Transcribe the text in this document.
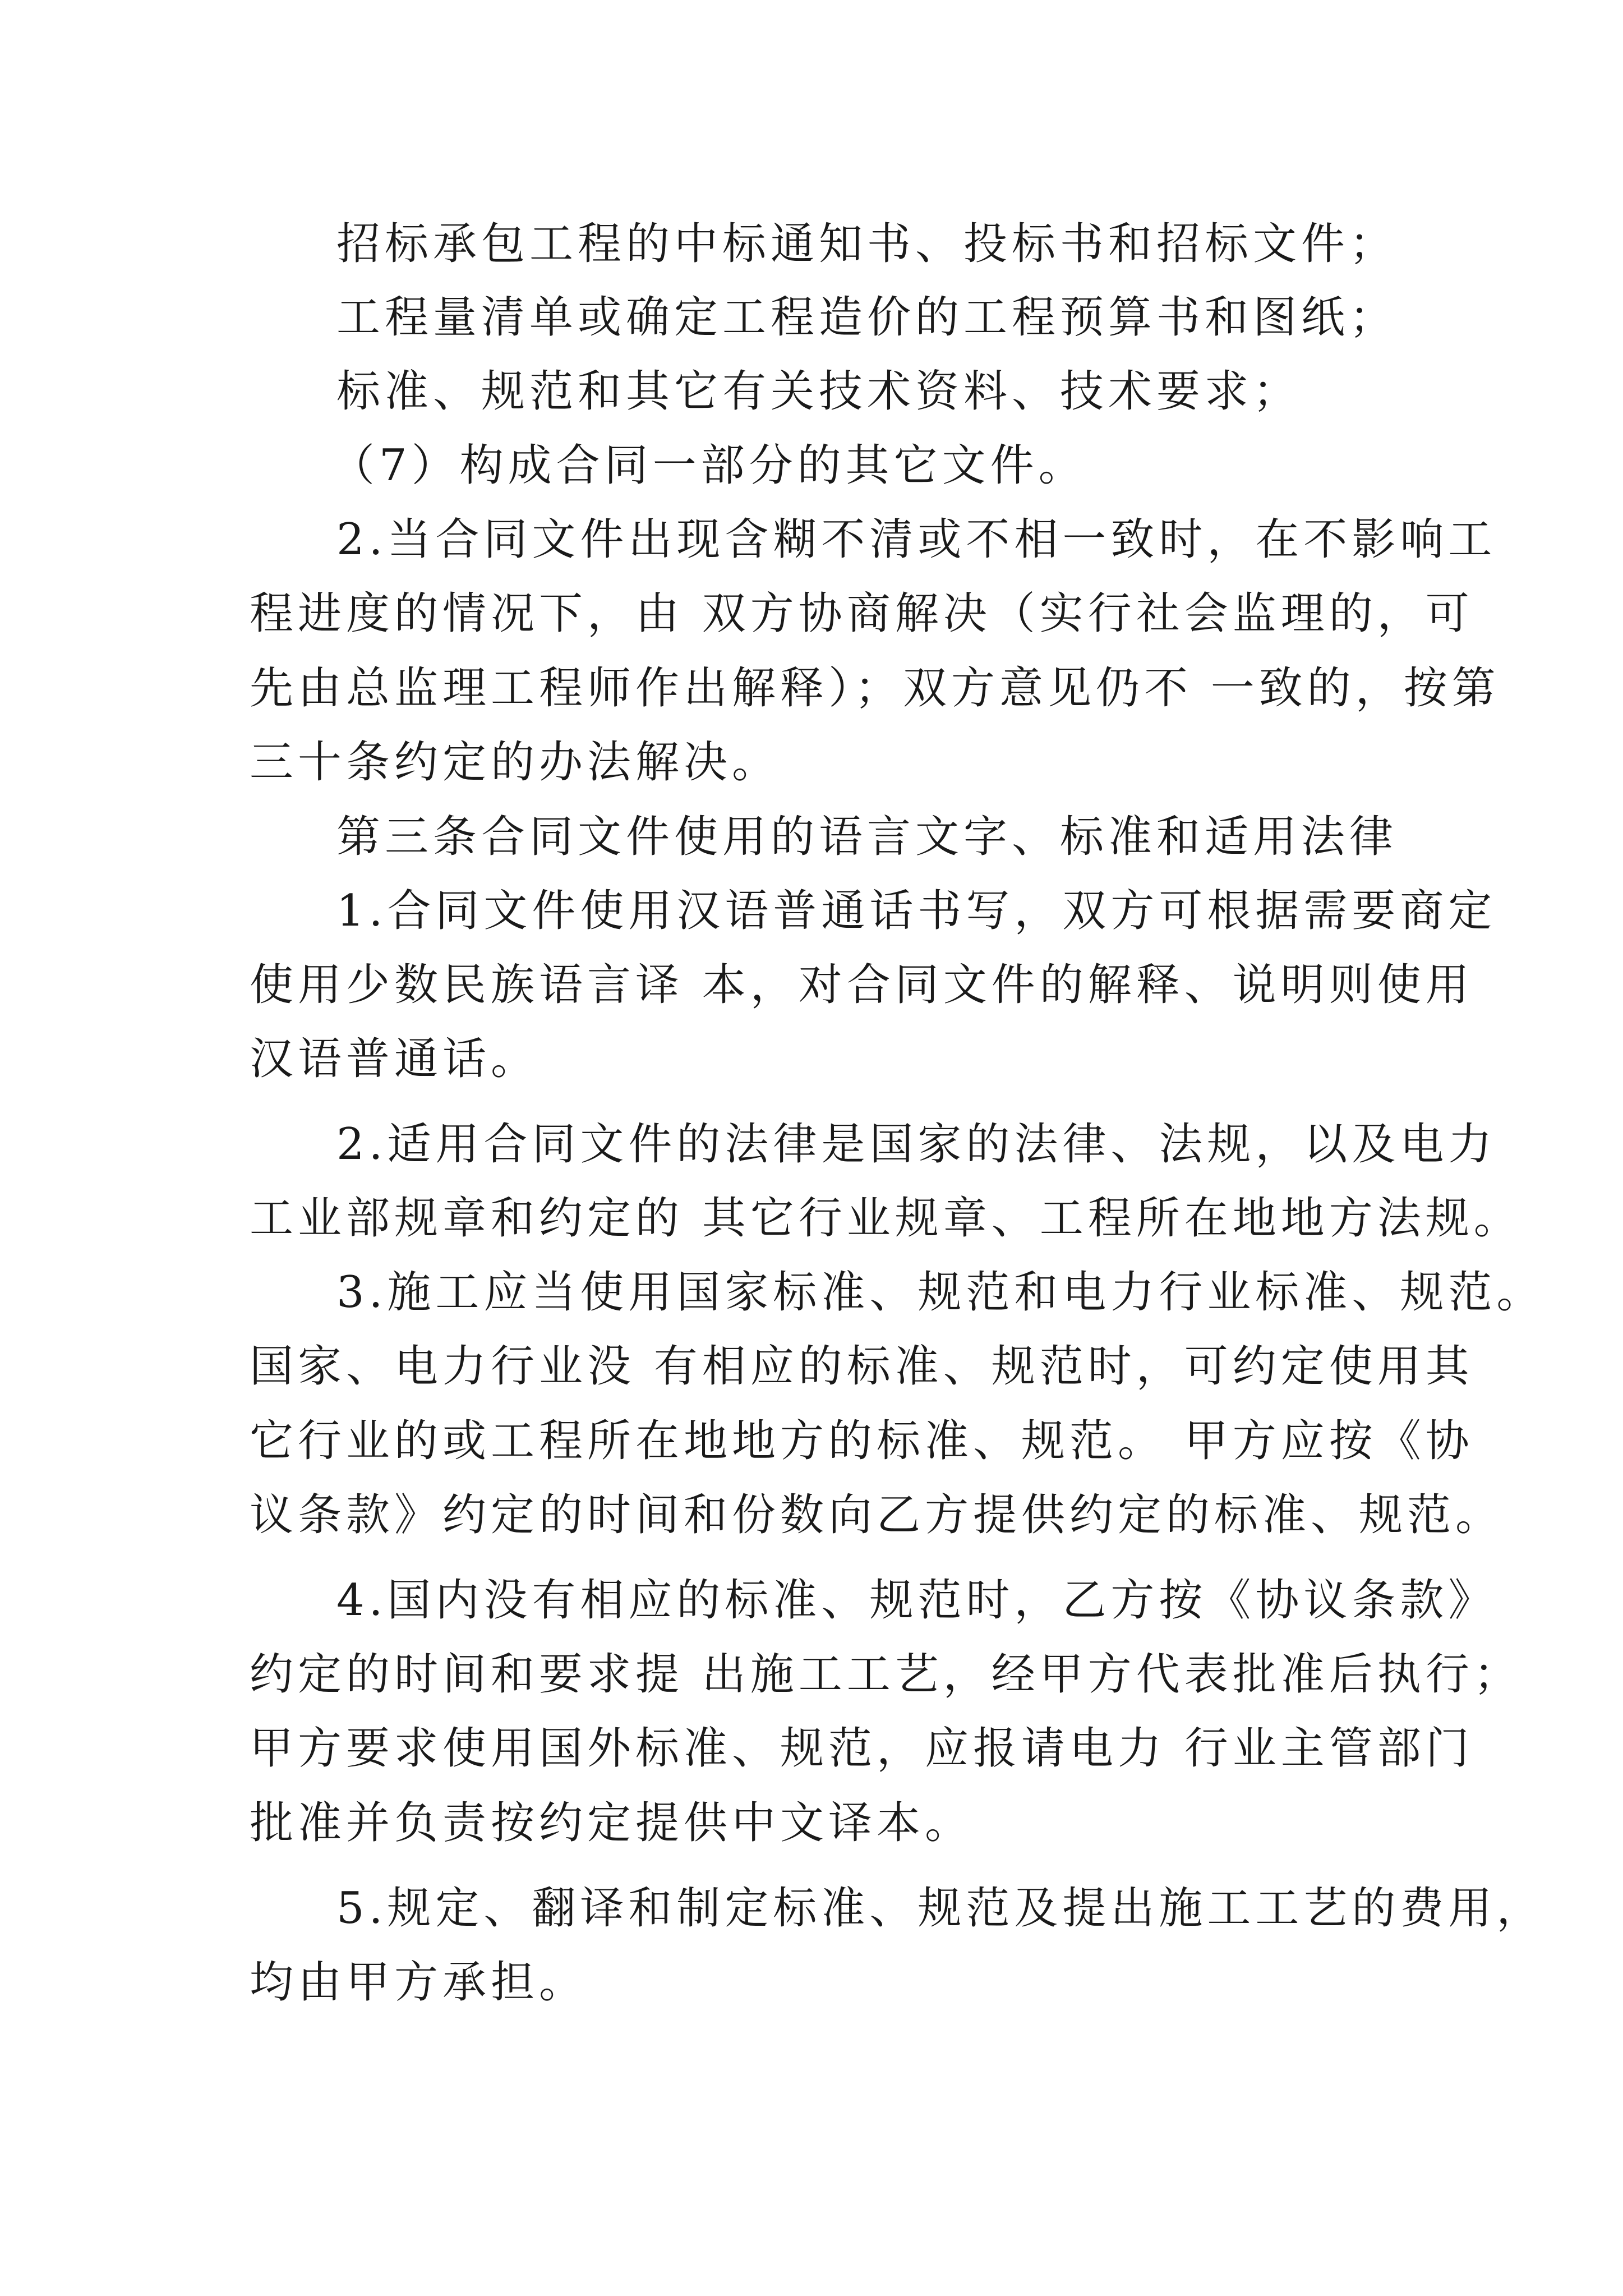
招标承包工程的中标通知书、投标书和招标文件；

工程量清单或确定工程造价的工程预算书和图纸；

标准、规范和其它有关技术资料、技术要求；

（7）构成合同一部分的其它文件。

2.当合同文件出现含糊不清或不相一致时，在不影响工

程进度的情况下，由 双方协商解决（实行社会监理的，可

先由总监理工程师作出解释）；双方意见仍不 一致的，按第

三十条约定的办法解决。

第三条合同文件使用的语言文字、标准和适用法律

1.合同文件使用汉语普通话书写，双方可根据需要商定

使用少数民族语言译 本，对合同文件的解释、说明则使用

汉语普通话。

2.适用合同文件的法律是国家的法律、法规，以及电力

工业部规章和约定的 其它行业规章、工程所在地地方法规。

3.施工应当使用国家标准、规范和电力行业标准、规范。

国家、电力行业没 有相应的标准、规范时，可约定使用其

它行业的或工程所在地地方的标准、规范。 甲方应按《协

议条款》约定的时间和份数向乙方提供约定的标准、规范。

4.国内没有相应的标准、规范时，乙方按《协议条款》

约定的时间和要求提 出施工工艺，经甲方代表批准后执行；

甲方要求使用国外标准、规范，应报请电力 行业主管部门

批准并负责按约定提供中文译本。

5.规定、翻译和制定标准、规范及提出施工工艺的费用，

均由甲方承担。
